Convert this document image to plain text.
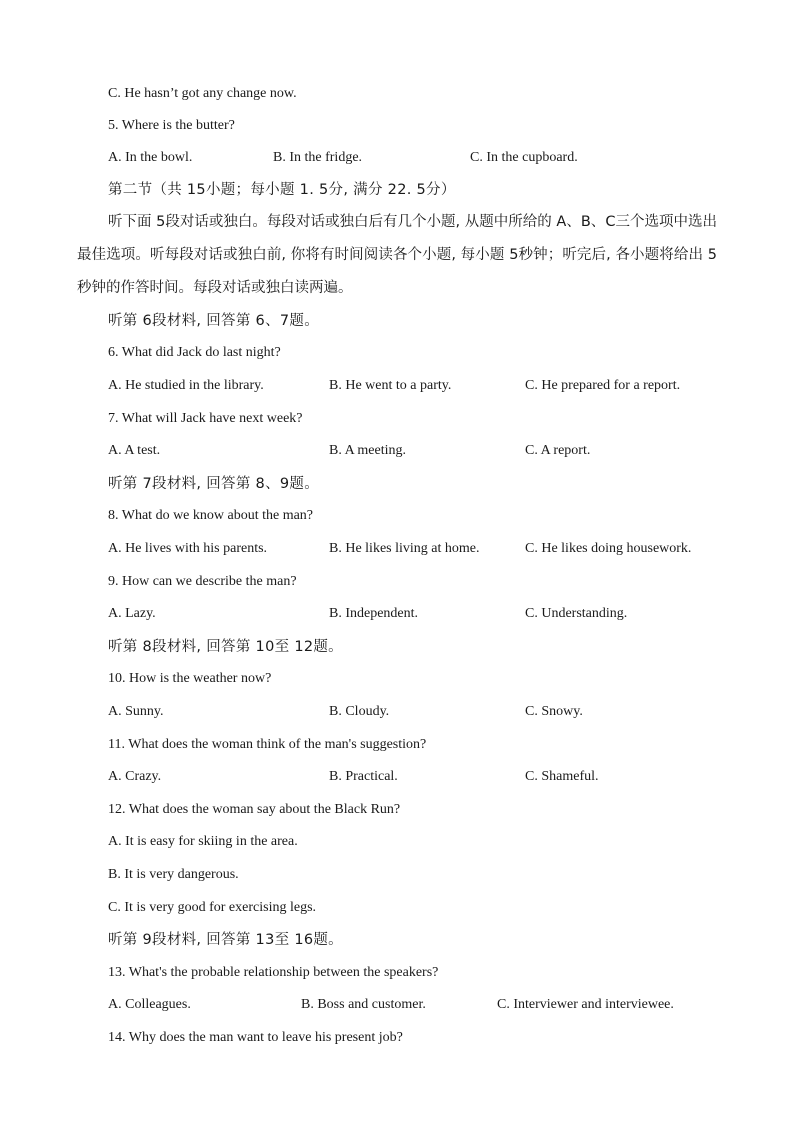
C. He hasn’t got any change now.
5. Where is the butter?
A. In the bowl.	B. In the fridge.	C. In the cupboard.
第二节（共 15小题；每小题 1. 5分, 满分 22. 5分）
听下面 5段对话或独白。每段对话或独白后有几个小题, 从题中所给的 A、B、C三个选项中选出最佳选项。听每段对话或独白前, 你将有时间阅读各个小题, 每小题 5秒钟；听完后, 各小题将给出 5秒钟的作答时间。每段对话或独白读两遍。
听第 6段材料, 回答第 6、7题。
6. What did Jack do last night?
A. He studied in the library.	B. He went to a party.	C. He prepared for a report.
7. What will Jack have next week?
A. A test.	B. A meeting.	C. A report.
听第 7段材料, 回答第 8、9题。
8. What do we know about the man?
A. He lives with his parents.	B. He likes living at home.	C. He likes doing housework.
9. How can we describe the man?
A. Lazy.	B. Independent.	C. Understanding.
听第 8段材料, 回答第 10至 12题。
10. How is the weather now?
A. Sunny.	B. Cloudy.	C. Snowy.
11. What does the woman think of the man's suggestion?
A. Crazy.	B. Practical.	C. Shameful.
12. What does the woman say about the Black Run?
A. It is easy for skiing in the area.
B. It is very dangerous.
C. It is very good for exercising legs.
听第 9段材料, 回答第 13至 16题。
13. What's the probable relationship between the speakers?
A. Colleagues.	B. Boss and customer.	C. Interviewer and interviewee.
14. Why does the man want to leave his present job?
